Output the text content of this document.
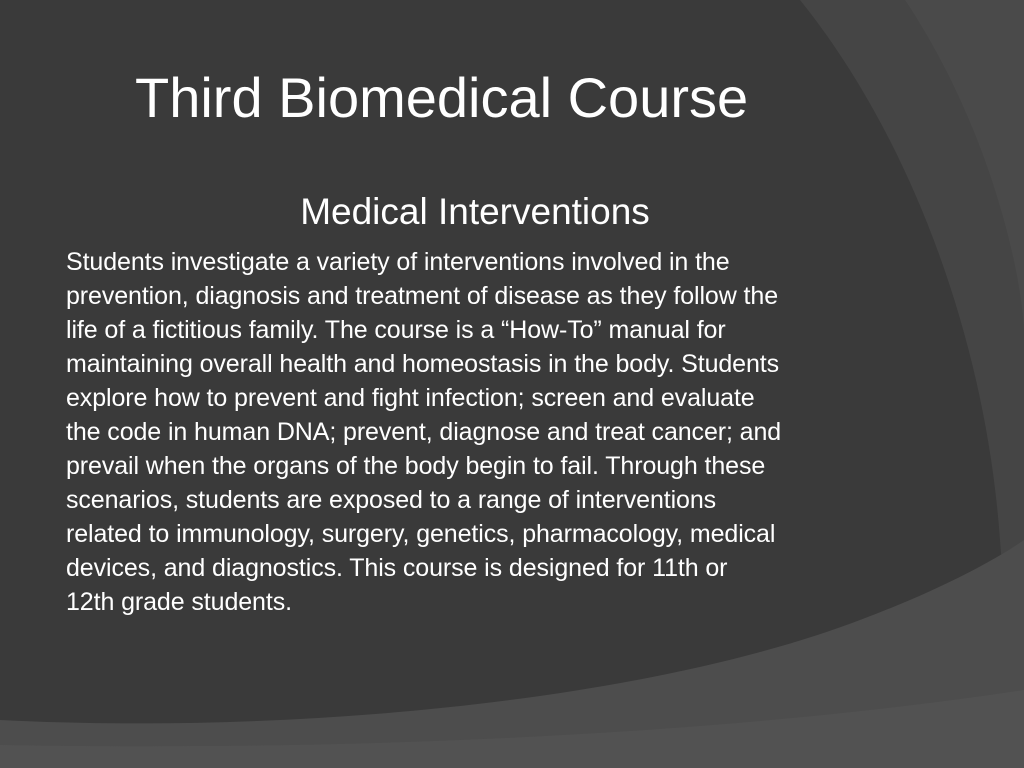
Third Biomedical Course
Medical Interventions

Students investigate a variety of interventions involved in the
prevention, diagnosis and treatment of disease as they follow the
life of a fictitious family. The course is a “How-To” manual for
maintaining overall health and homeostasis in the body. Students
explore how to prevent and fight infection; screen and evaluate
the code in human DNA; prevent, diagnose and treat cancer; and
prevail when the organs of the body begin to fail. Through these
scenarios, students are exposed to a range of interventions
related to immunology, surgery, genetics, pharmacology, medical
devices, and diagnostics. This course is designed for 11th or
12th grade students.
